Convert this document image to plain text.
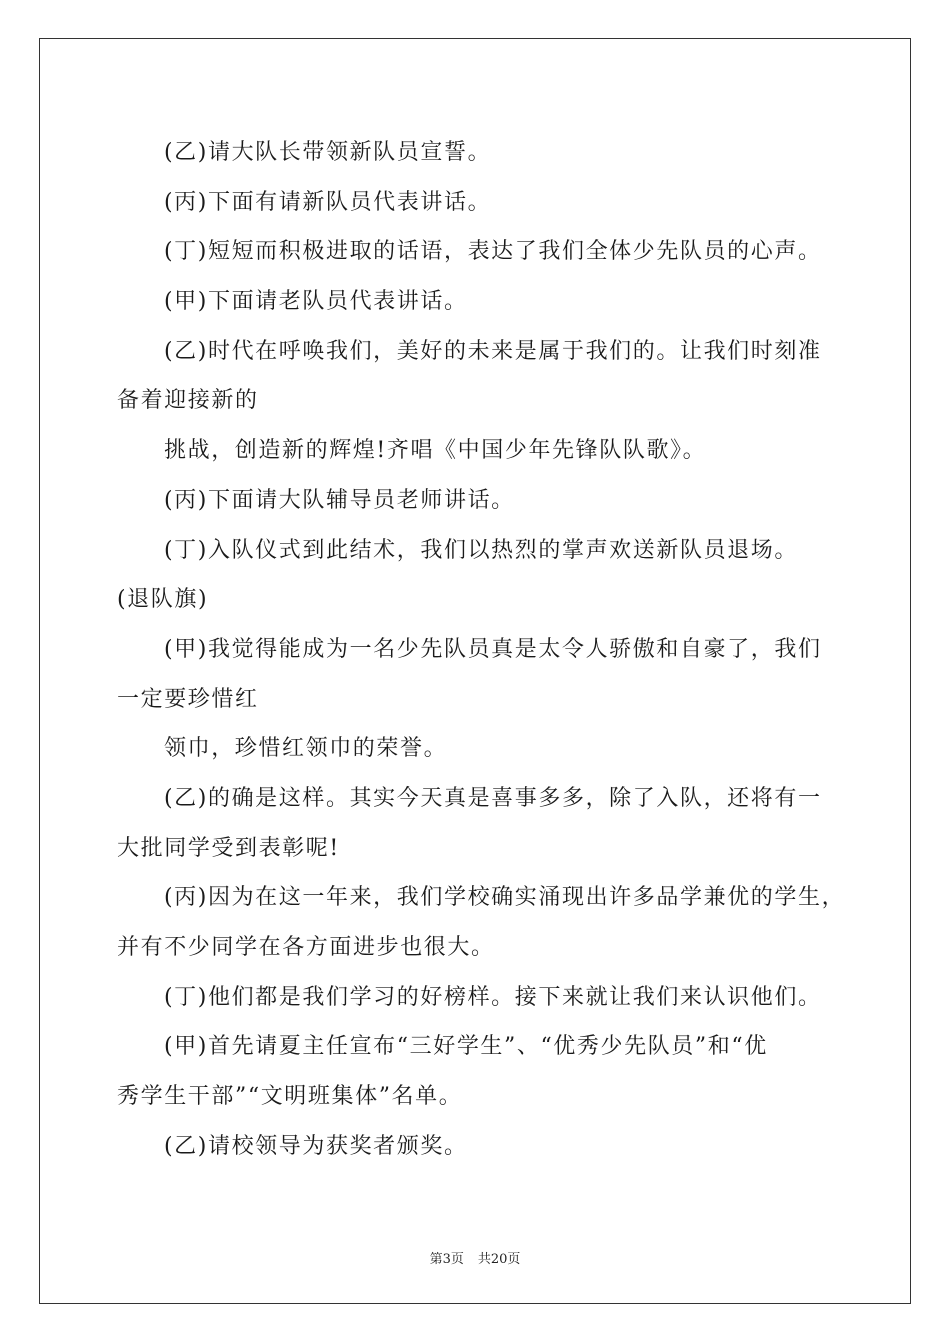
(乙)请大队长带领新队员宣誓。
(丙)下面有请新队员代表讲话。
(丁)短短而积极进取的话语，表达了我们全体少先队员的心声。
(甲)下面请老队员代表讲话。
(乙)时代在呼唤我们，美好的未来是属于我们的。让我们时刻准
备着迎接新的
挑战，创造新的辉煌!齐唱《中国少年先锋队队歌》。
(丙)下面请大队辅导员老师讲话。
(丁)入队仪式到此结术，我们以热烈的掌声欢送新队员退场。
(退队旗)
(甲)我觉得能成为一名少先队员真是太令人骄傲和自豪了，我们
一定要珍惜红
领巾，珍惜红领巾的荣誉。
(乙)的确是这样。其实今天真是喜事多多，除了入队，还将有一
大批同学受到表彰呢!
(丙)因为在这一年来，我们学校确实涌现出许多品学兼优的学生，
并有不少同学在各方面进步也很大。
(丁)他们都是我们学习的好榜样。接下来就让我们来认识他们。
(甲)首先请夏主任宣布“三好学生”、“优秀少先队员”和“优
秀学生干部”“文明班集体”名单。
(乙)请校领导为获奖者颁奖。
第3页 共20页
